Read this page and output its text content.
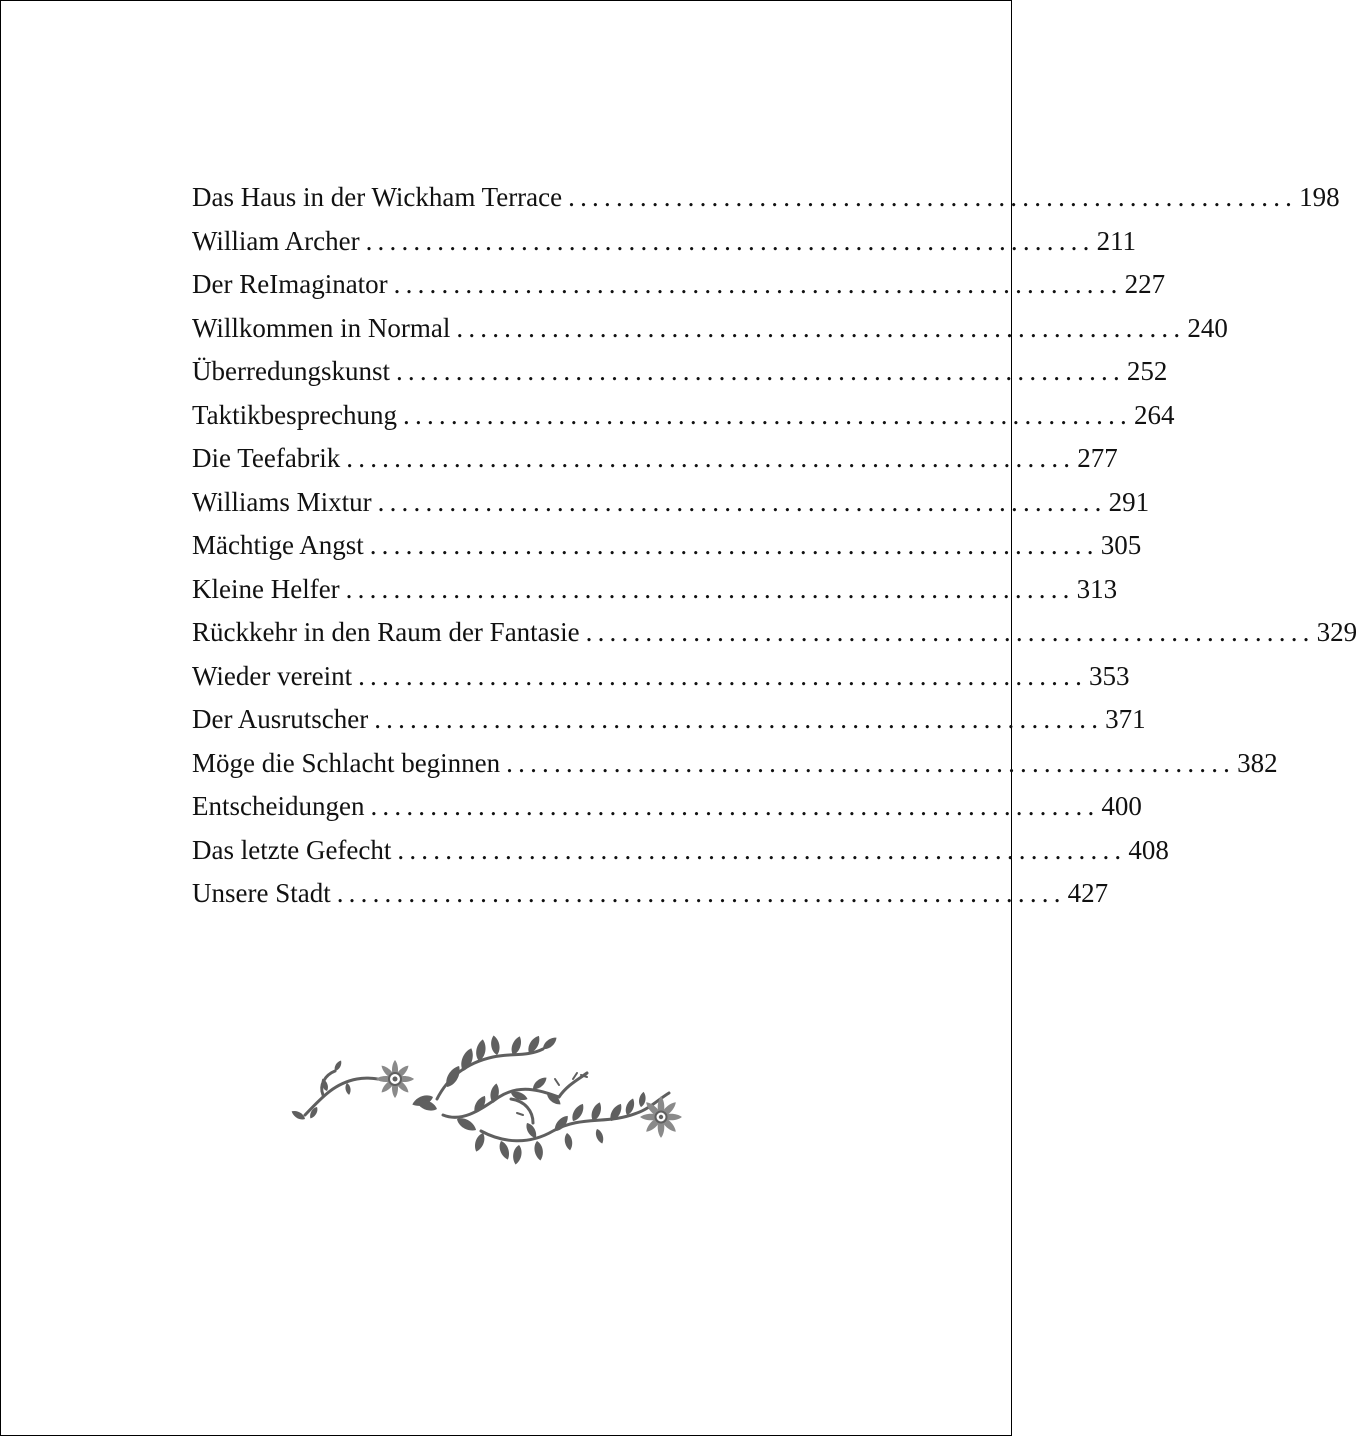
Das Haus in der Wickham Terrace ............................................................. 198
William Archer ............................................................. 211
Der ReImaginator ............................................................. 227
Willkommen in Normal ............................................................. 240
Überredungskunst ............................................................. 252
Taktikbesprechung ............................................................. 264
Die Teefabrik ............................................................. 277
Williams Mixtur ............................................................. 291
Mächtige Angst ............................................................. 305
Kleine Helfer ............................................................. 313
Rückkehr in den Raum der Fantasie ............................................................. 329
Wieder vereint ............................................................. 353
Der Ausrutscher ............................................................. 371
Möge die Schlacht beginnen ............................................................. 382
Entscheidungen ............................................................. 400
Das letzte Gefecht ............................................................. 408
Unsere Stadt ............................................................. 427
